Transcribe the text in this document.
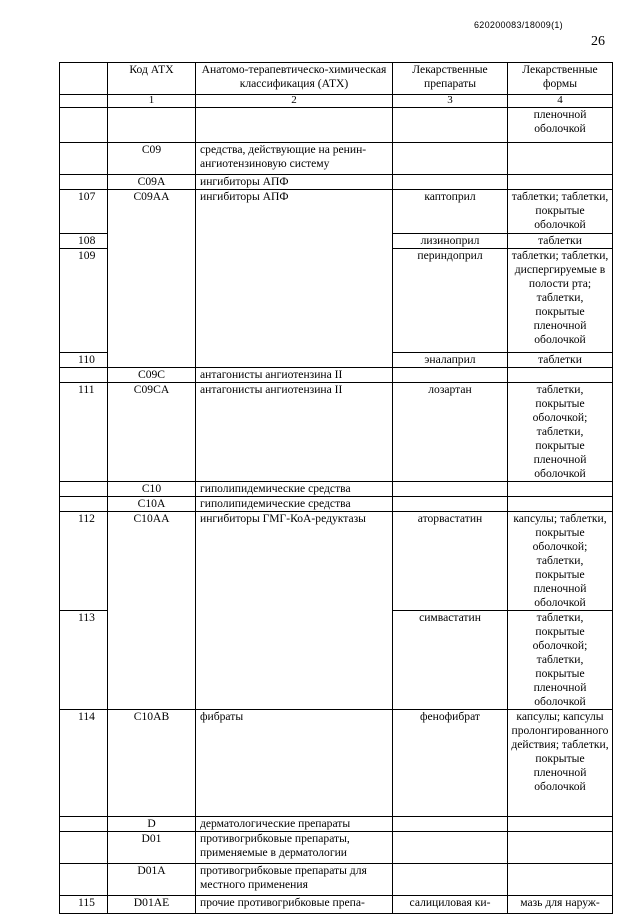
620200083/18009(1)
26
	Код АТХ	Анатомо-терапевтическо-химическая классификация (АТХ)	Лекарственные препараты	Лекарственные формы
	1	2	3	4
				пленочной оболочкой
	C09	средства, действующие на ренин-ангиотензиновую систему		
	C09A	ингибиторы АПФ		
107	C09AA	ингибиторы АПФ	каптоприл	таблетки; таблетки, покрытые оболочкой
108			лизиноприл	таблетки
109			периндоприл	таблетки; таблетки, диспергируемые в полости рта; таблетки, покрытые пленочной оболочкой
110			эналаприл	таблетки
	C09C	антагонисты ангиотензина II		
111	C09CA	антагонисты ангиотензина II	лозартан	таблетки, покрытые оболочкой; таблетки, покрытые пленочной оболочкой
	C10	гиполипидемические средства		
	C10A	гиполипидемические средства		
112	C10AA	ингибиторы ГМГ-КоА-редуктазы	аторвастатин	капсулы; таблетки, покрытые оболочкой; таблетки, покрытые пленочной оболочкой
113			симвастатин	таблетки, покрытые оболочкой; таблетки, покрытые пленочной оболочкой
114	C10AB	фибраты	фенофибрат	капсулы; капсулы пролонгированного действия; таблетки, покрытые пленочной оболочкой
	D	дерматологические препараты		
	D01	противогрибковые препараты, применяемые в дерматологии		
	D01A	противогрибковые препараты для местного применения		
115	D01AE	прочие противогрибковые препа-	салициловая ки-	мазь для наруж-
